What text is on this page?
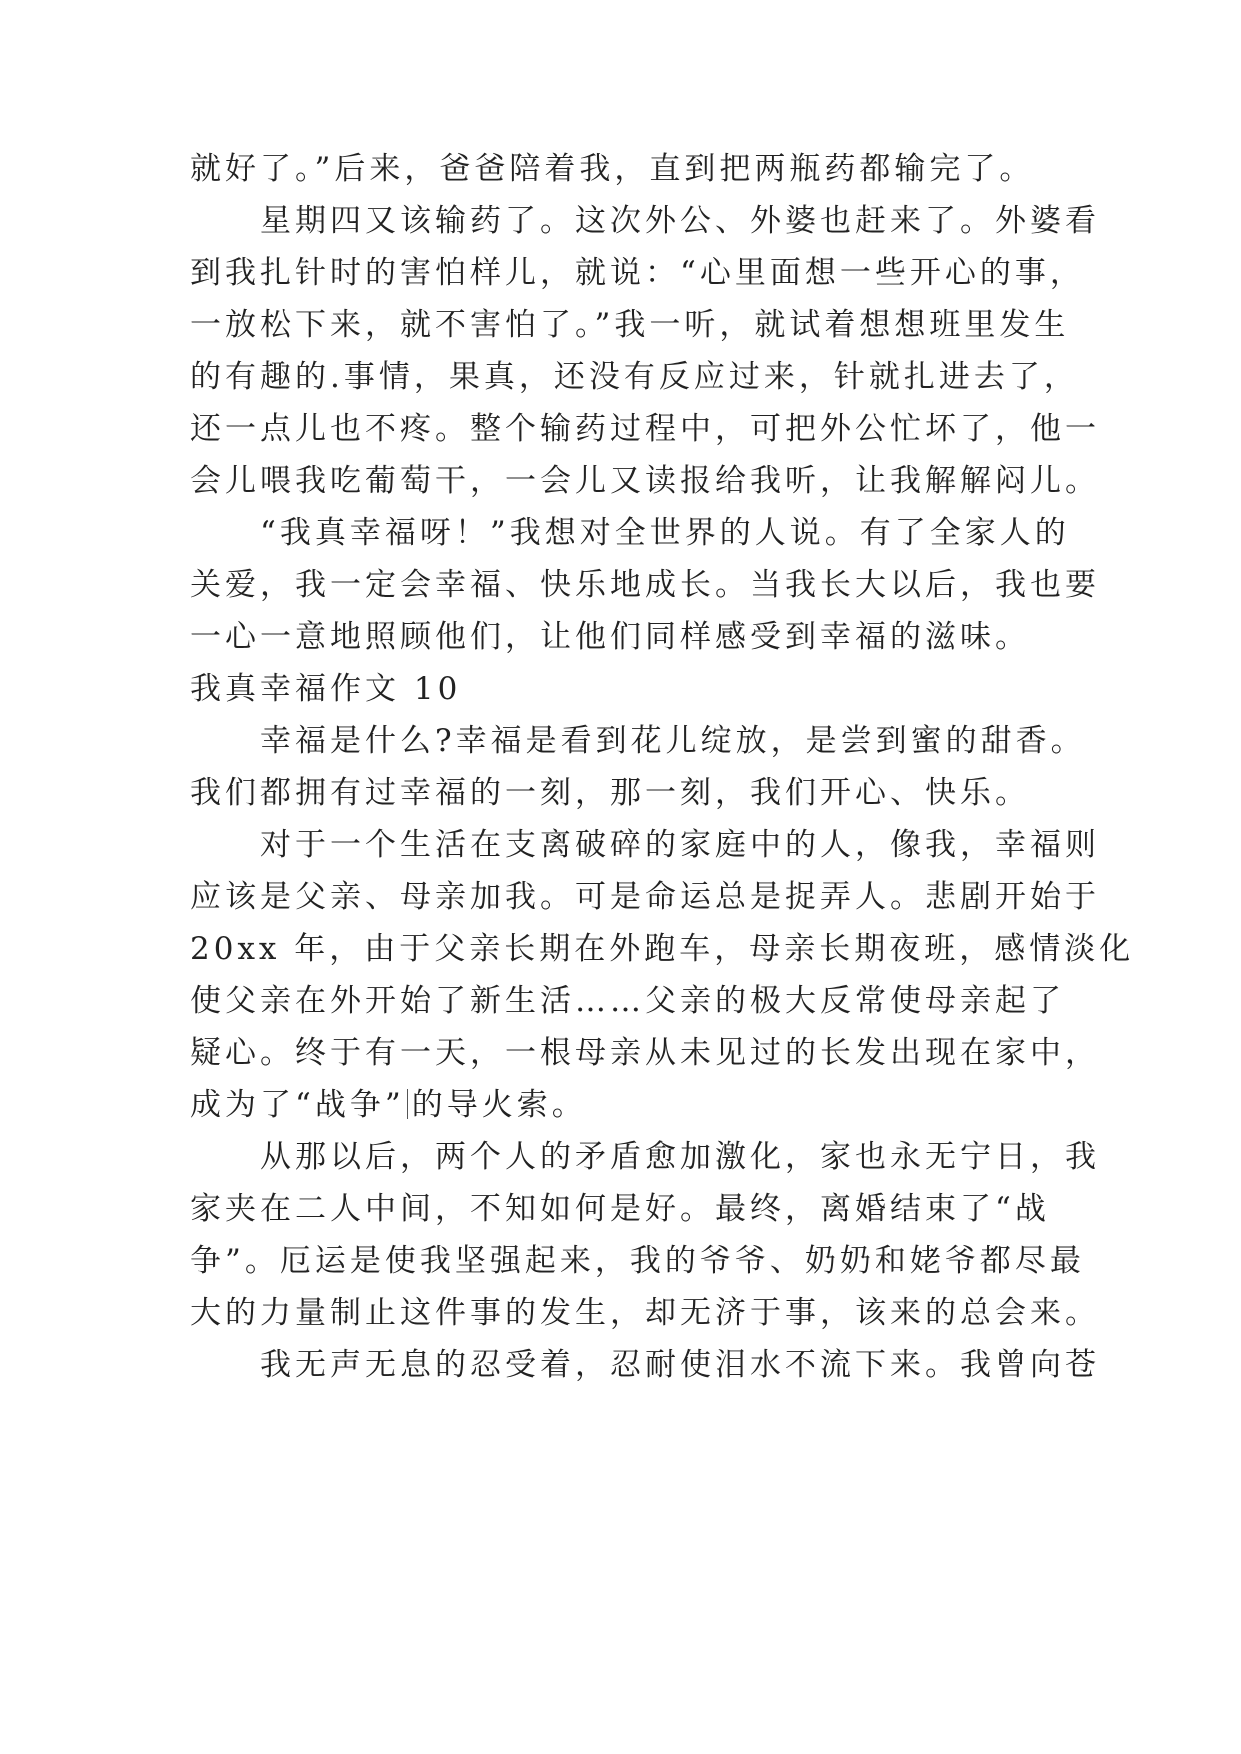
就好了。”后来，爸爸陪着我，直到把两瓶药都输完了。
星期四又该输药了。这次外公、外婆也赶来了。外婆看
到我扎针时的害怕样儿，就说：“心里面想一些开心的事，
一放松下来，就不害怕了。”我一听，就试着想想班里发生
的有趣的.事情，果真，还没有反应过来，针就扎进去了，
还一点儿也不疼。整个输药过程中，可把外公忙坏了，他一
会儿喂我吃葡萄干，一会儿又读报给我听，让我解解闷儿。
“我真幸福呀！”我想对全世界的人说。有了全家人的
关爱，我一定会幸福、快乐地成长。当我长大以后，我也要
一心一意地照顾他们，让他们同样感受到幸福的滋味。
我真幸福作文 10
幸福是什么?幸福是看到花儿绽放，是尝到蜜的甜香。
我们都拥有过幸福的一刻，那一刻，我们开心、快乐。
对于一个生活在支离破碎的家庭中的人，像我，幸福则
应该是父亲、母亲加我。可是命运总是捉弄人。悲剧开始于
20xx 年，由于父亲长期在外跑车，母亲长期夜班，感情淡化
使父亲在外开始了新生活……父亲的极大反常使母亲起了
疑心。终于有一天，一根母亲从未见过的长发出现在家中，
成为了“战争” 的导火索。
从那以后，两个人的矛盾愈加激化，家也永无宁日，我
家夹在二人中间，不知如何是好。最终，离婚结束了“战
争”。厄运是使我坚强起来，我的爷爷、奶奶和姥爷都尽最
大的力量制止这件事的发生，却无济于事，该来的总会来。
我无声无息的忍受着，忍耐使泪水不流下来。我曾向苍
